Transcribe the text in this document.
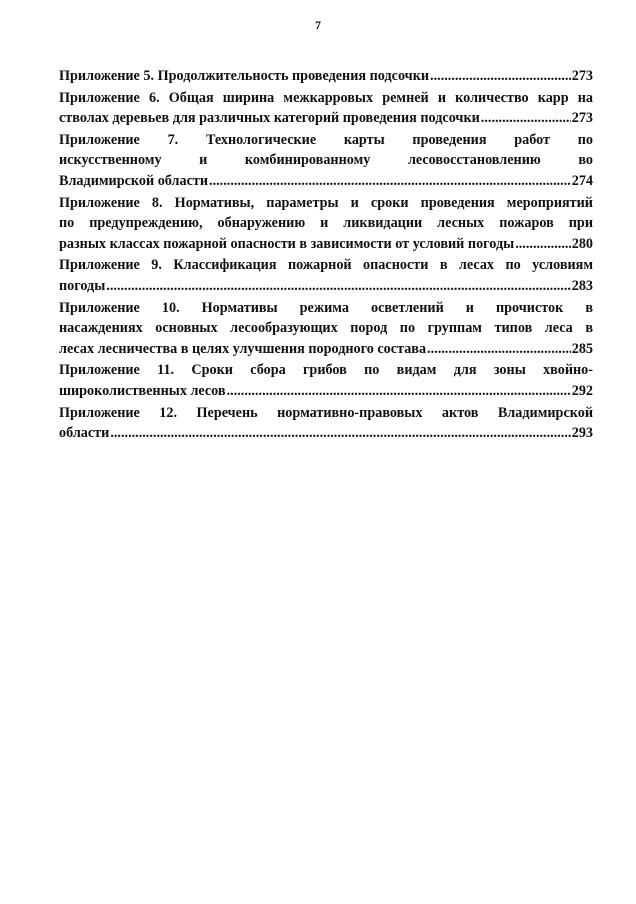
7
Приложение 5. Продолжительность проведения подсочки .....	273
Приложение 6. Общая ширина межкарровых ремней и количество карр на
стволах деревьев для различных категорий проведения подсочки .....	273
Приложение 7. Технологические карты проведения работ по
искусственному и комбинированному лесовосстановлению во
Владимирской области .....	274
Приложение 8. Нормативы, параметры и сроки проведения мероприятий
по предупреждению, обнаружению и ликвидации лесных пожаров при
разных классах пожарной опасности в зависимости от условий погоды .....	280
Приложение 9. Классификация пожарной опасности в лесах по условиям
погоды .....	283
Приложение 10. Нормативы режима осветлений и прочисток в
насаждениях основных лесообразующих пород по группам типов леса в
лесах лесничества в целях улучшения породного состава .....	285
Приложение 11. Сроки сбора грибов по видам для зоны хвойно-
широколиственных лесов .....	292
Приложение 12. Перечень нормативно-правовых актов Владимирской
области .....	293
